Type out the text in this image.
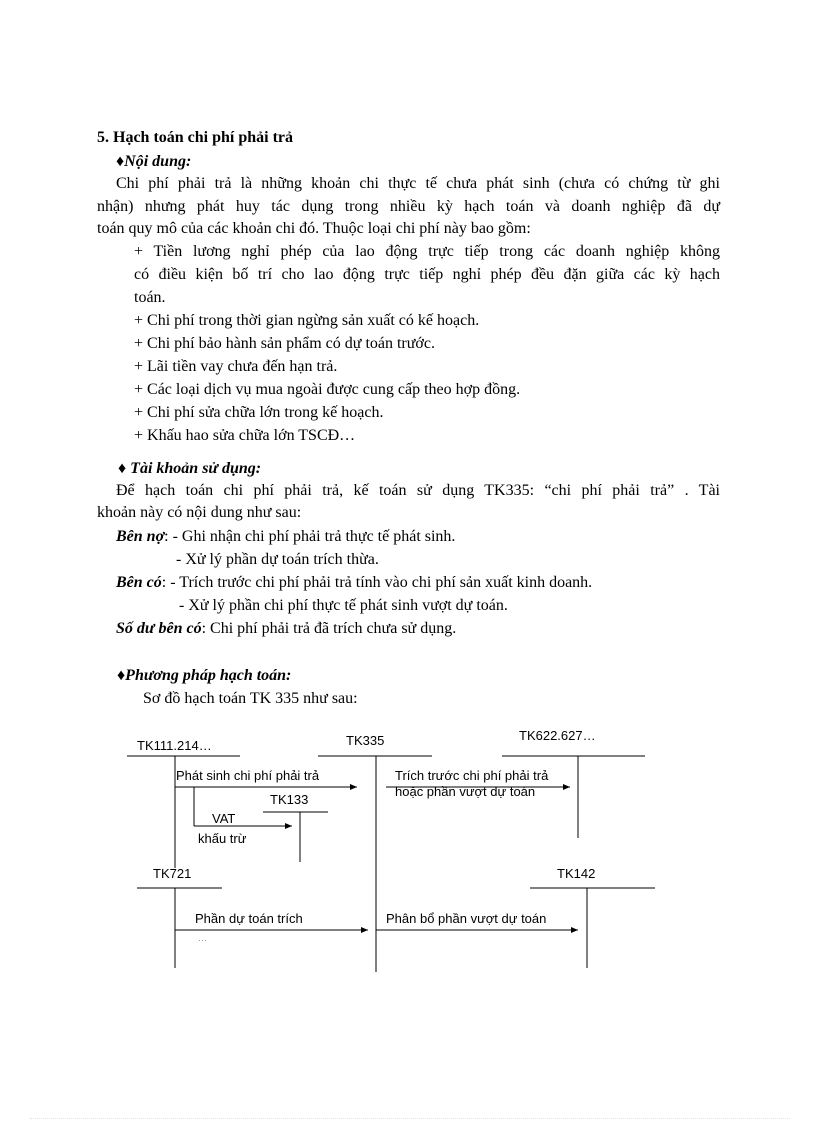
5. Hạch toán chi phí phải trả
♦Nội dung:
Chi phí phải trả là những khoản chi thực tế chưa phát sinh (chưa có chứng từ ghi
nhận) nhưng phát huy tác dụng trong nhiều kỳ hạch toán và doanh nghiệp đã dự
toán quy mô của các khoản chi đó. Thuộc loại chi phí này bao gồm:
+ Tiền lương nghỉ phép của lao động trực tiếp trong các doanh nghiệp không
có điều kiện bố trí cho lao động trực tiếp nghỉ phép đều đặn giữa các kỳ hạch
toán.
+ Chi phí trong thời gian ngừng sản xuất có kế hoạch.
+ Chi phí bảo hành sản phẩm có dự toán trước.
+ Lãi tiền vay chưa đến hạn trả.
+ Các loại dịch vụ mua ngoài được cung cấp theo hợp đồng.
+ Chi phí sửa chữa lớn trong kế hoạch.
+ Khấu hao sửa chữa lớn TSCĐ…
♦ Tài khoản sử dụng:
Để hạch toán chi phí phải trả, kế toán sử dụng TK335: “chi phí phải trả” . Tài
khoản này có nội dung như sau:
Bên nợ: - Ghi nhận chi phí phải trả thực tế phát sinh.
- Xử lý phần dự toán trích thừa.
Bên có: - Trích trước chi phí phải trả tính vào chi phí sản xuất kinh doanh.
- Xử lý phần chi phí thực tế phát sinh vượt dự toán.
Số dư bên có: Chi phí phải trả đã trích chưa sử dụng.
♦Phương pháp hạch toán:
Sơ đồ hạch toán TK 335 như sau:
TK111.214…	TK335	TK622.627…
TK133
TK721	TK142
Phát sinh chi phí phải trả	Trích trước chi phí phải trả hoặc phần vượt dự toán
VAT
khấu trừ
Phần dự toán trích
…
Phân bổ phần vượt dự toán
